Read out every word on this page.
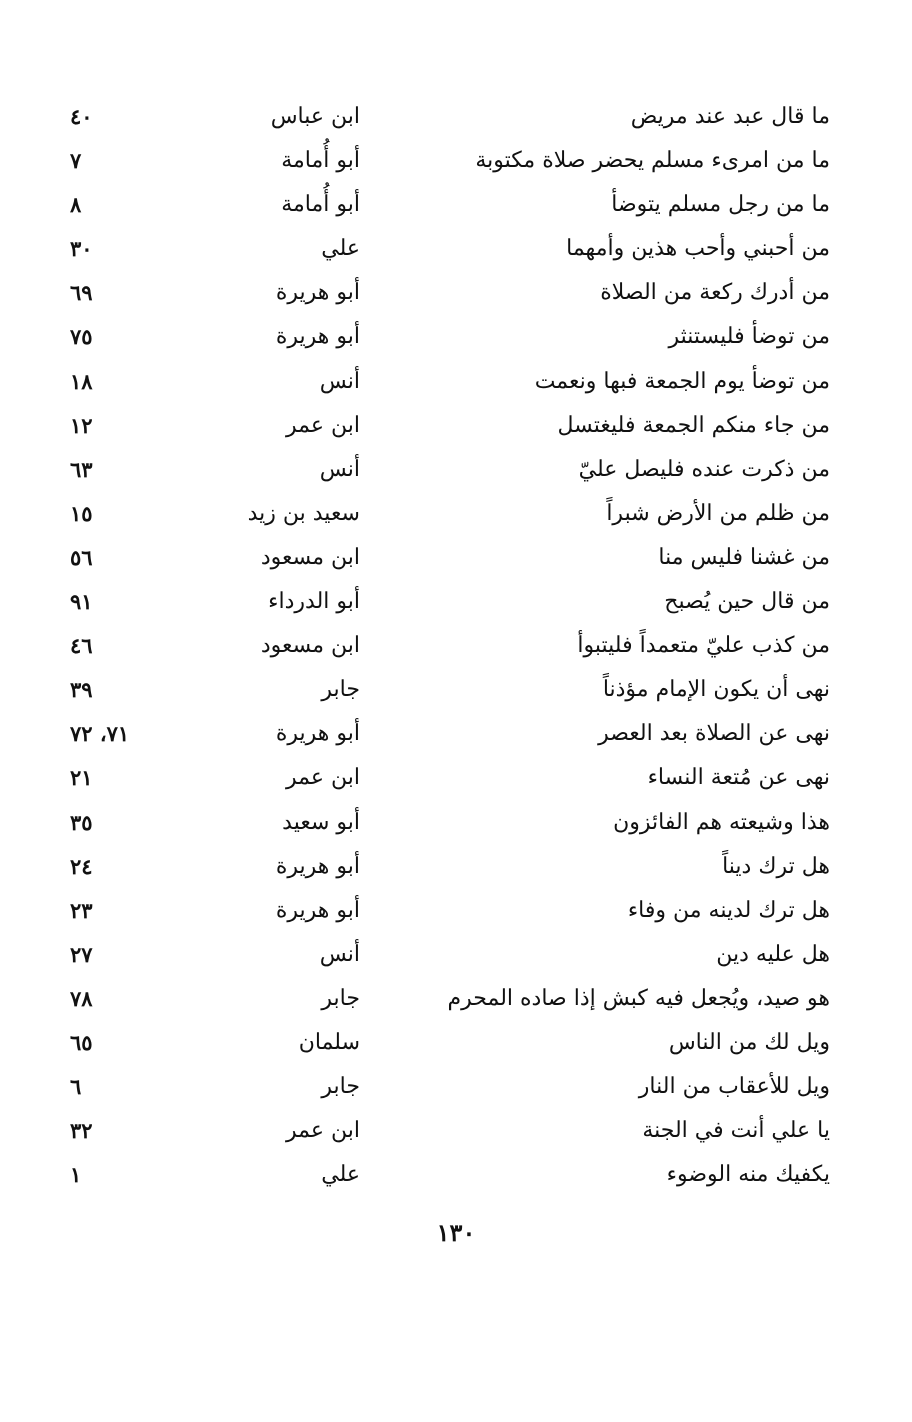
ما قال عبد عند مريض
ابن عباس
٤٠
ما من امرىء مسلم يحضر صلاة مكتوبة
أبو أُمامة
٧
ما من رجل مسلم يتوضأ
أبو أُمامة
٨
من أحبني وأحب هذين وأمهما
علي
٣٠
من أدرك ركعة من الصلاة
أبو هريرة
٦٩
من توضأ فليستنثر
أبو هريرة
٧٥
من توضأ يوم الجمعة فبها ونعمت
أنس
١٨
من جاء منكم الجمعة فليغتسل
ابن عمر
١٢
من ذكرت عنده فليصل عليّ
أنس
٦٣
من ظلم من الأرض شبراً
سعيد بن زيد
١٥
من غشنا فليس منا
ابن مسعود
٥٦
من قال حين يُصبح
أبو الدرداء
٩١
من كذب عليّ متعمداً فليتبوأ
ابن مسعود
٤٦
نهى أن يكون الإمام مؤذناً
جابر
٣٩
نهى عن الصلاة بعد العصر
أبو هريرة
٧١، ٧٢
نهى عن مُتعة النساء
ابن عمر
٢١
هذا وشيعته هم الفائزون
أبو سعيد
٣٥
هل ترك ديناً
أبو هريرة
٢٤
هل ترك لدينه من وفاء
أبو هريرة
٢٣
هل عليه دين
أنس
٢٧
هو صيد، ويُجعل فيه كبش إذا صاده المحرم
جابر
٧٨
ويل لك من الناس
سلمان
٦٥
ويل للأعقاب من النار
جابر
٦
يا علي أنت في الجنة
ابن عمر
٣٢
يكفيك منه الوضوء
علي
١
١٣٠
